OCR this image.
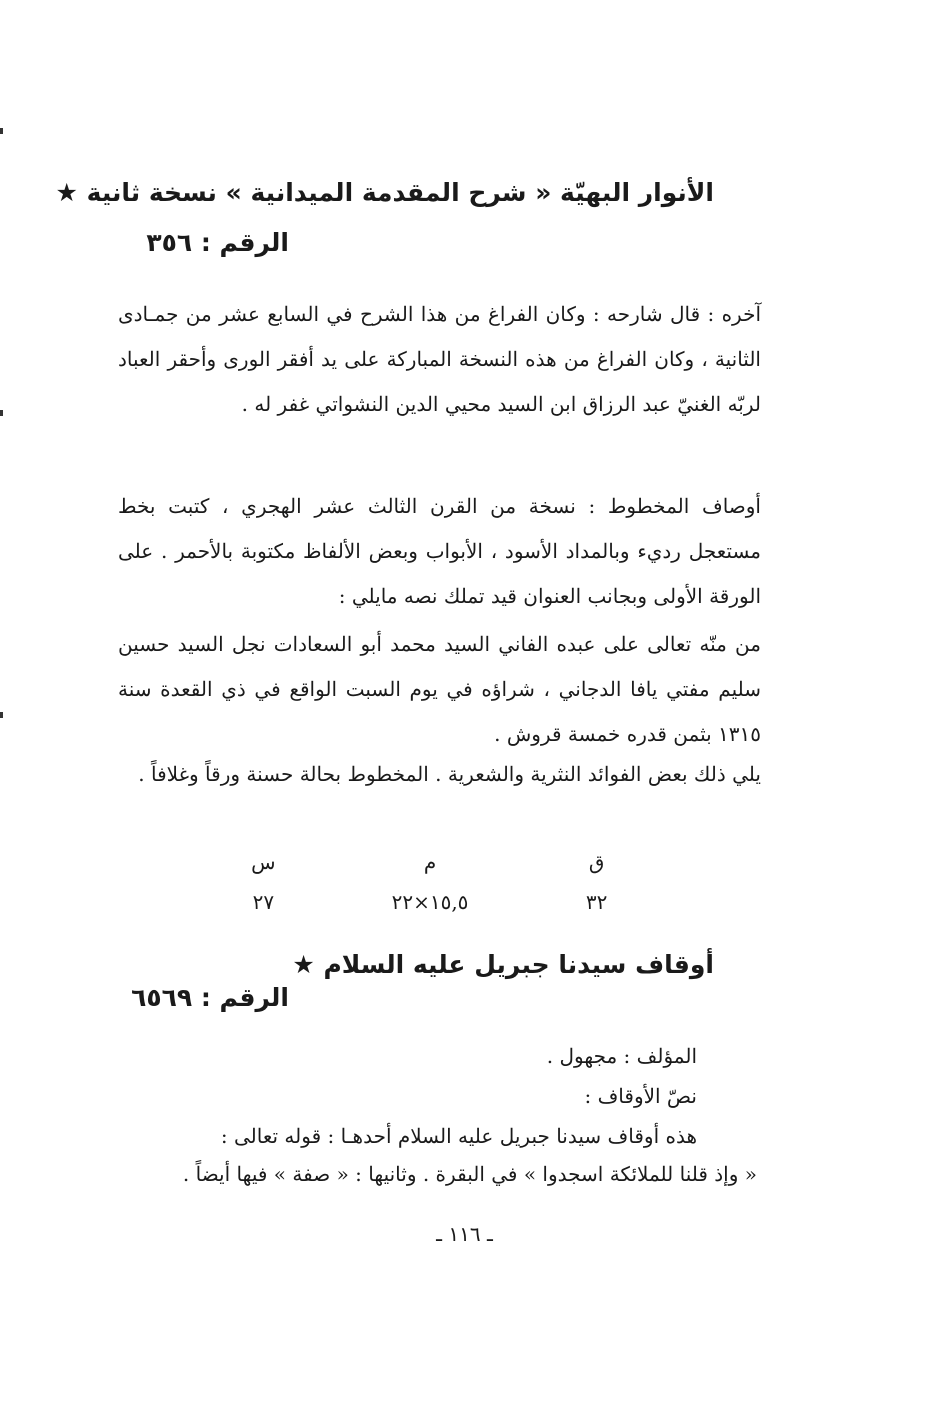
الأنوار البهيّة « شرح المقدمة الميدانية » نسخة ثانية ★
الرقم : ٣٥٦

آخره : قال شارحه : وكان الفراغ من هذا الشرح في السابع عشر من جمـادى الثانية ، وكان الفراغ من هذه النسخة المباركة على يد أفقر الورى وأحقر العباد لربّه الغنيّ عبد الرزاق ابن السيد محيي الدين النشواتي غفر له .

أوصاف المخطوط : نسخة من القرن الثالث عشر الهجري ، كتبت بخط مستعجل رديء وبالمداد الأسود ، الأبواب وبعض الألفاظ مكتوبة بالأحمر . على الورقة الأولى وبجانب العنوان قيد تملك نصه مايلي :

من منّه تعالى على عبده الفاني السيد محمد أبو السعادات نجل السيد حسين سليم مفتي يافا الدجاني ، شراؤه في يوم السبت الواقع في ذي القعدة سنة ١٣١٥ بثمن قدره خمسة قروش .

يلي ذلك بعض الفوائد النثرية والشعرية . المخطوط بحالة حسنة ورقاً وغلافاً .

ق
م
س
٣٢
١٥,٥×٢٢
٢٧
أوقاف سيدنا جبريل عليه السلام ★
الرقم : ٦٥٦٩
المؤلف : مجهول .
نصّ الأوقاف :
هذه أوقاف سيدنا جبريل عليه السلام أحدهـا : قوله تعالى :
« وإذ قلنا للملائكة اسجدوا » في البقرة . وثانيها : « صفة » فيها أيضاً .
ـ ١١٦ ـ
